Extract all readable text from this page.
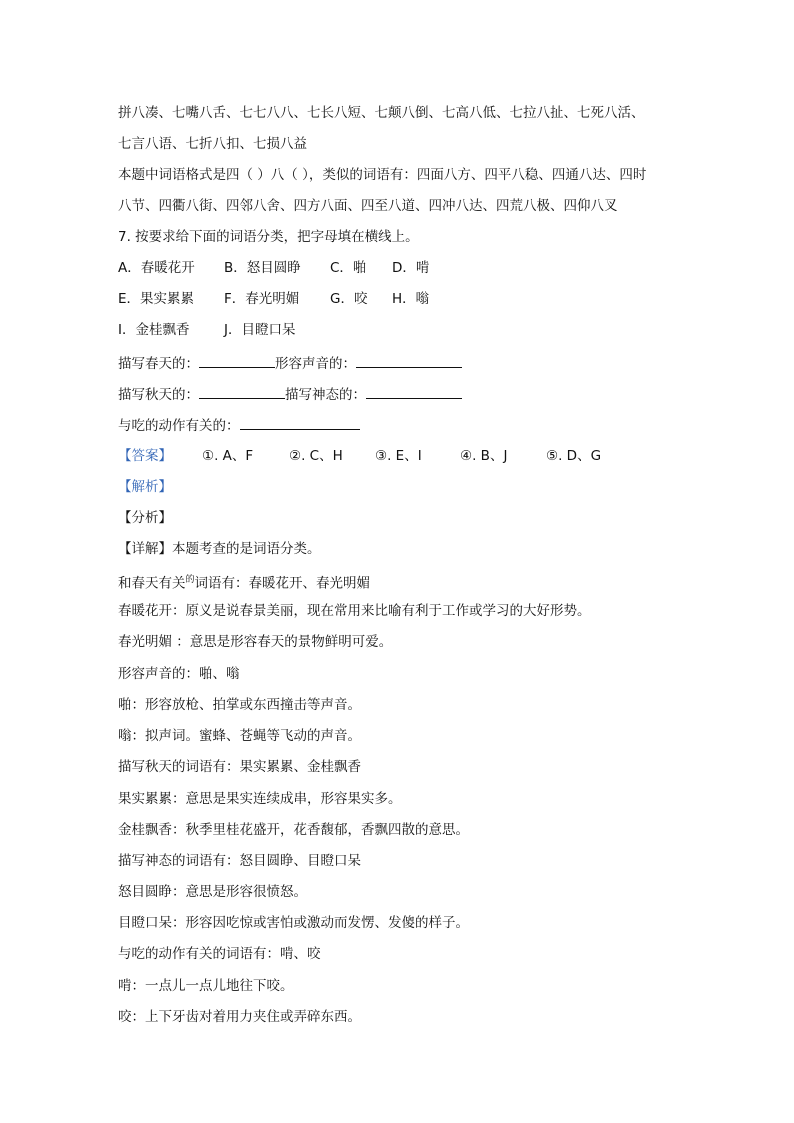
拼八凑、七嘴八舌、七七八八、七长八短、七颠八倒、七高八低、七拉八扯、七死八活、
七言八语、七折八扣、七损八益
本题中词语格式是四（ ）八（ ），类似的词语有：四面八方、四平八稳、四通八达、四时
八节、四衢八街、四邻八舍、四方八面、四至八道、四冲八达、四荒八极、四仰八叉
7. 按要求给下面的词语分类，把字母填在横线上。
A．春暖花开 B．怒目圆睁 C．啪 D．啃
E．果实累累 F．春光明媚 G．咬 H．嗡
I．金桂飘香	J．目瞪口呆
描写春天的：	形容声音的：
描写秋天的：	描写神态的：
与吃的动作有关的：
【答案】 ①. A、F	②. C、H ③. E、I	④. B、J	⑤. D、G
【解析】
【分析】
【详解】本题考查的是词语分类。
和春天有关$^的$词语有：春暖花开、春光明媚
春暖花开：原义是说春景美丽，现在常用来比喻有利于工作或学习的大好形势。
春光明媚 ：意思是形容春天的景物鲜明可爱。
形容声音的：啪、嗡
啪：形容放枪、拍掌或东西撞击等声音。
嗡：拟声词。蜜蜂、苍蝇等飞动的声音。
描写秋天的词语有：果实累累、金桂飘香
果实累累：意思是果实连续成串，形容果实多。
金桂飘香：秋季里桂花盛开，花香馥郁，香飘四散的意思。
描写神态的词语有：怒目圆睁、目瞪口呆
怒目圆睁：意思是形容很愤怒。
目瞪口呆：形容因吃惊或害怕或激动而发愣、发傻的样子。
与吃的动作有关的词语有：啃、咬
啃：一点儿一点儿地往下咬。
咬：上下牙齿对着用力夹住或弄碎东西。
